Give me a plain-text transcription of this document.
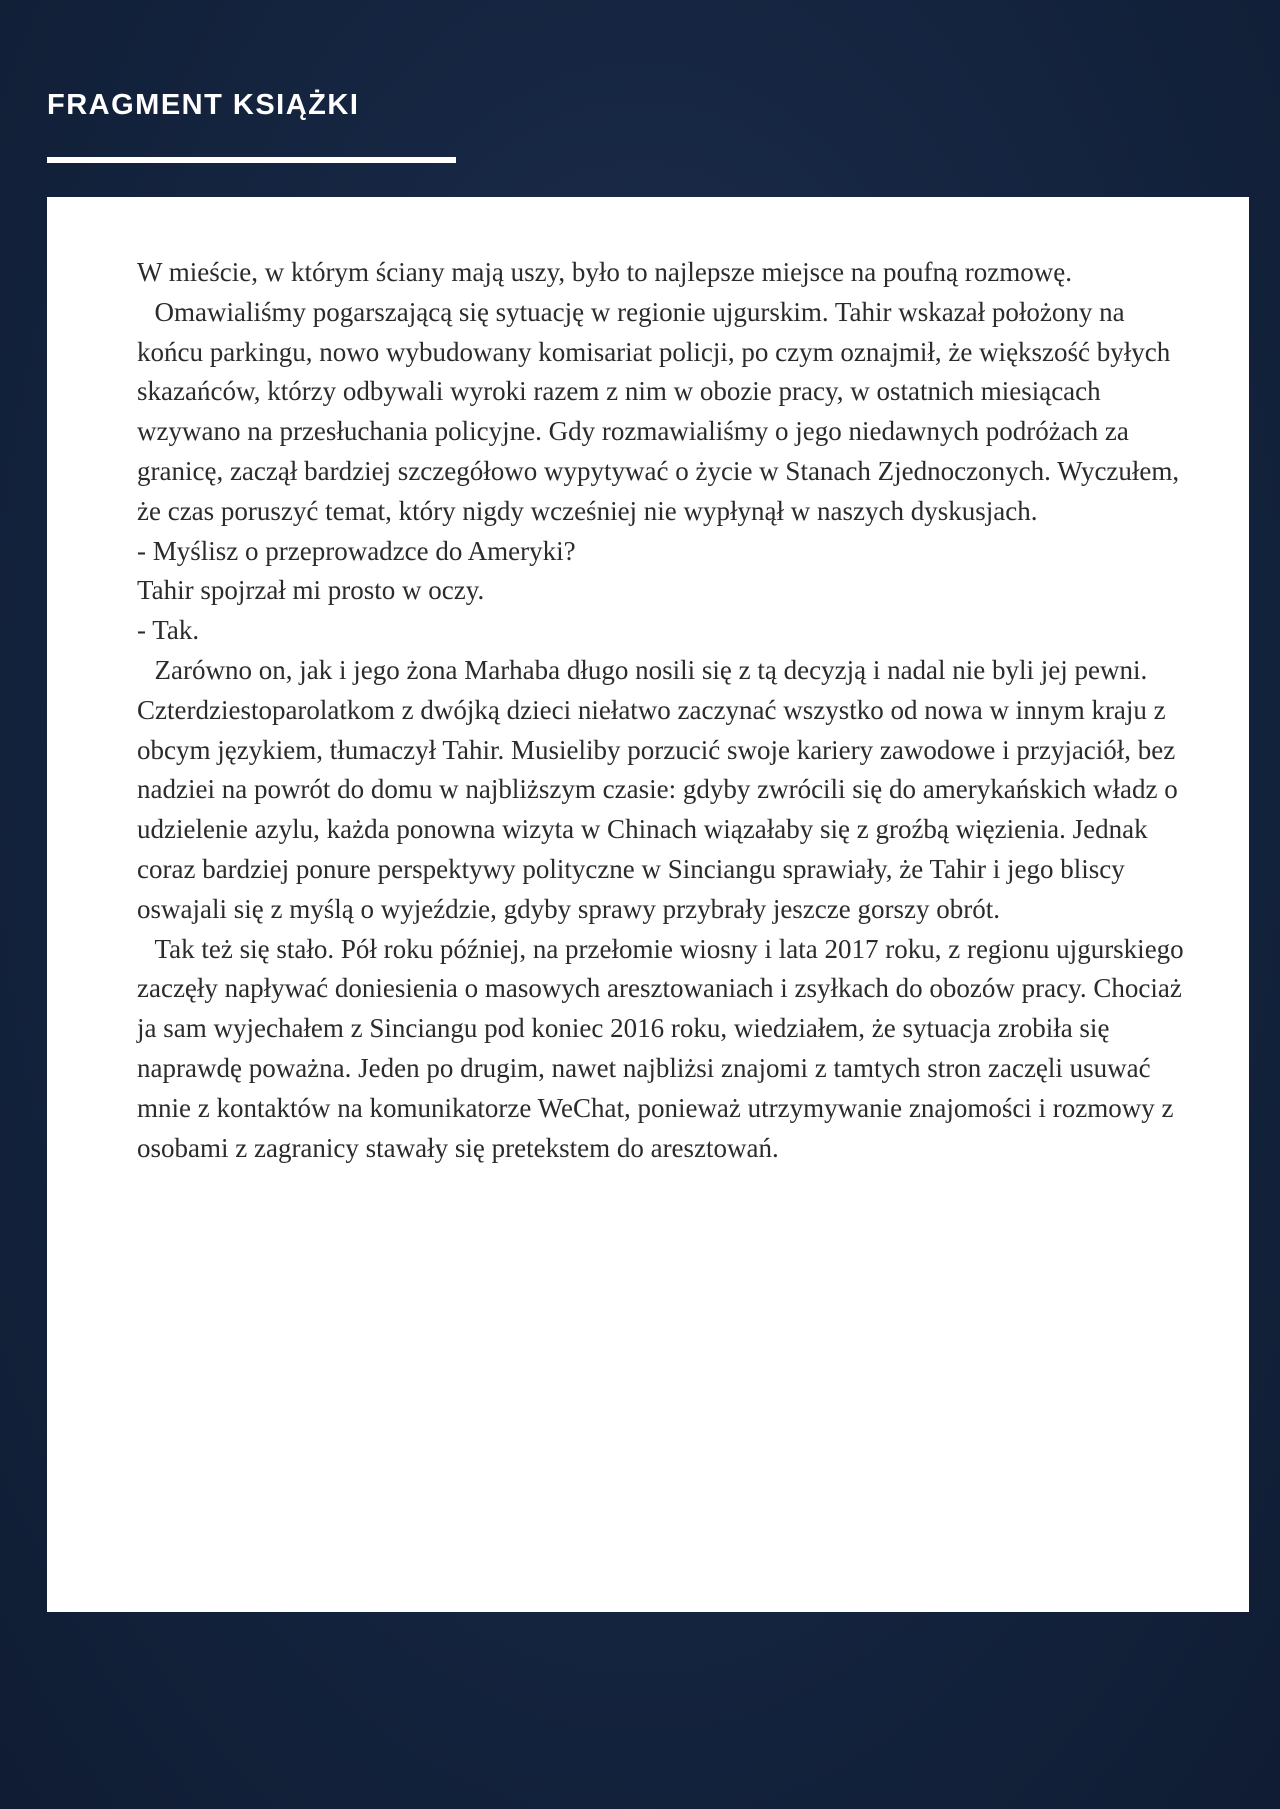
FRAGMENT KSIĄŻKI

W mieście, w którym ściany mają uszy, było to najlepsze miejsce na poufną rozmowę.

Omawialiśmy pogarszającą się sytuację w regionie ujgurskim. Tahir wskazał położony na końcu parkingu, nowo wybudowany komisariat policji, po czym oznajmił, że większość byłych skazańców, którzy odbywali wyroki razem z nim w obozie pracy, w ostatnich miesiącach wzywano na przesłuchania policyjne. Gdy rozmawialiśmy o jego niedawnych podróżach za granicę, zaczął bardziej szczegółowo wypytywać o życie w Stanach Zjednoczonych. Wyczułem, że czas poruszyć temat, który nigdy wcześniej nie wypłynął w naszych dyskusjach.

- Myślisz o przeprowadzce do Ameryki?

Tahir spojrzał mi prosto w oczy.

- Tak.

Zarówno on, jak i jego żona Marhaba długo nosili się z tą decyzją i nadal nie byli jej pewni. Czterdziestoparolatkom z dwójką dzieci niełatwo zaczynać wszystko od nowa w innym kraju z obcym językiem, tłumaczył Tahir. Musieliby porzucić swoje kariery zawodowe i przyjaciół, bez nadziei na powrót do domu w najbliższym czasie: gdyby zwrócili się do amerykańskich władz o udzielenie azylu, każda ponowna wizyta w Chinach wiązałaby się z groźbą więzienia. Jednak coraz bardziej ponure perspektywy polityczne w Sinciangu sprawiały, że Tahir i jego bliscy oswajali się z myślą o wyjeździe, gdyby sprawy przybrały jeszcze gorszy obrót.

Tak też się stało. Pół roku później, na przełomie wiosny i lata 2017 roku, z regionu ujgurskiego zaczęły napływać doniesienia o masowych aresztowaniach i zsyłkach do obozów pracy. Chociaż ja sam wyjechałem z Sinciangu pod koniec 2016 roku, wiedziałem, że sytuacja zrobiła się naprawdę poważna. Jeden po drugim, nawet najbliżsi znajomi z tamtych stron zaczęli usuwać mnie z kontaktów na komunikatorze WeChat, ponieważ utrzymywanie znajomości i rozmowy z osobami z zagranicy stawały się pretekstem do aresztowań.
